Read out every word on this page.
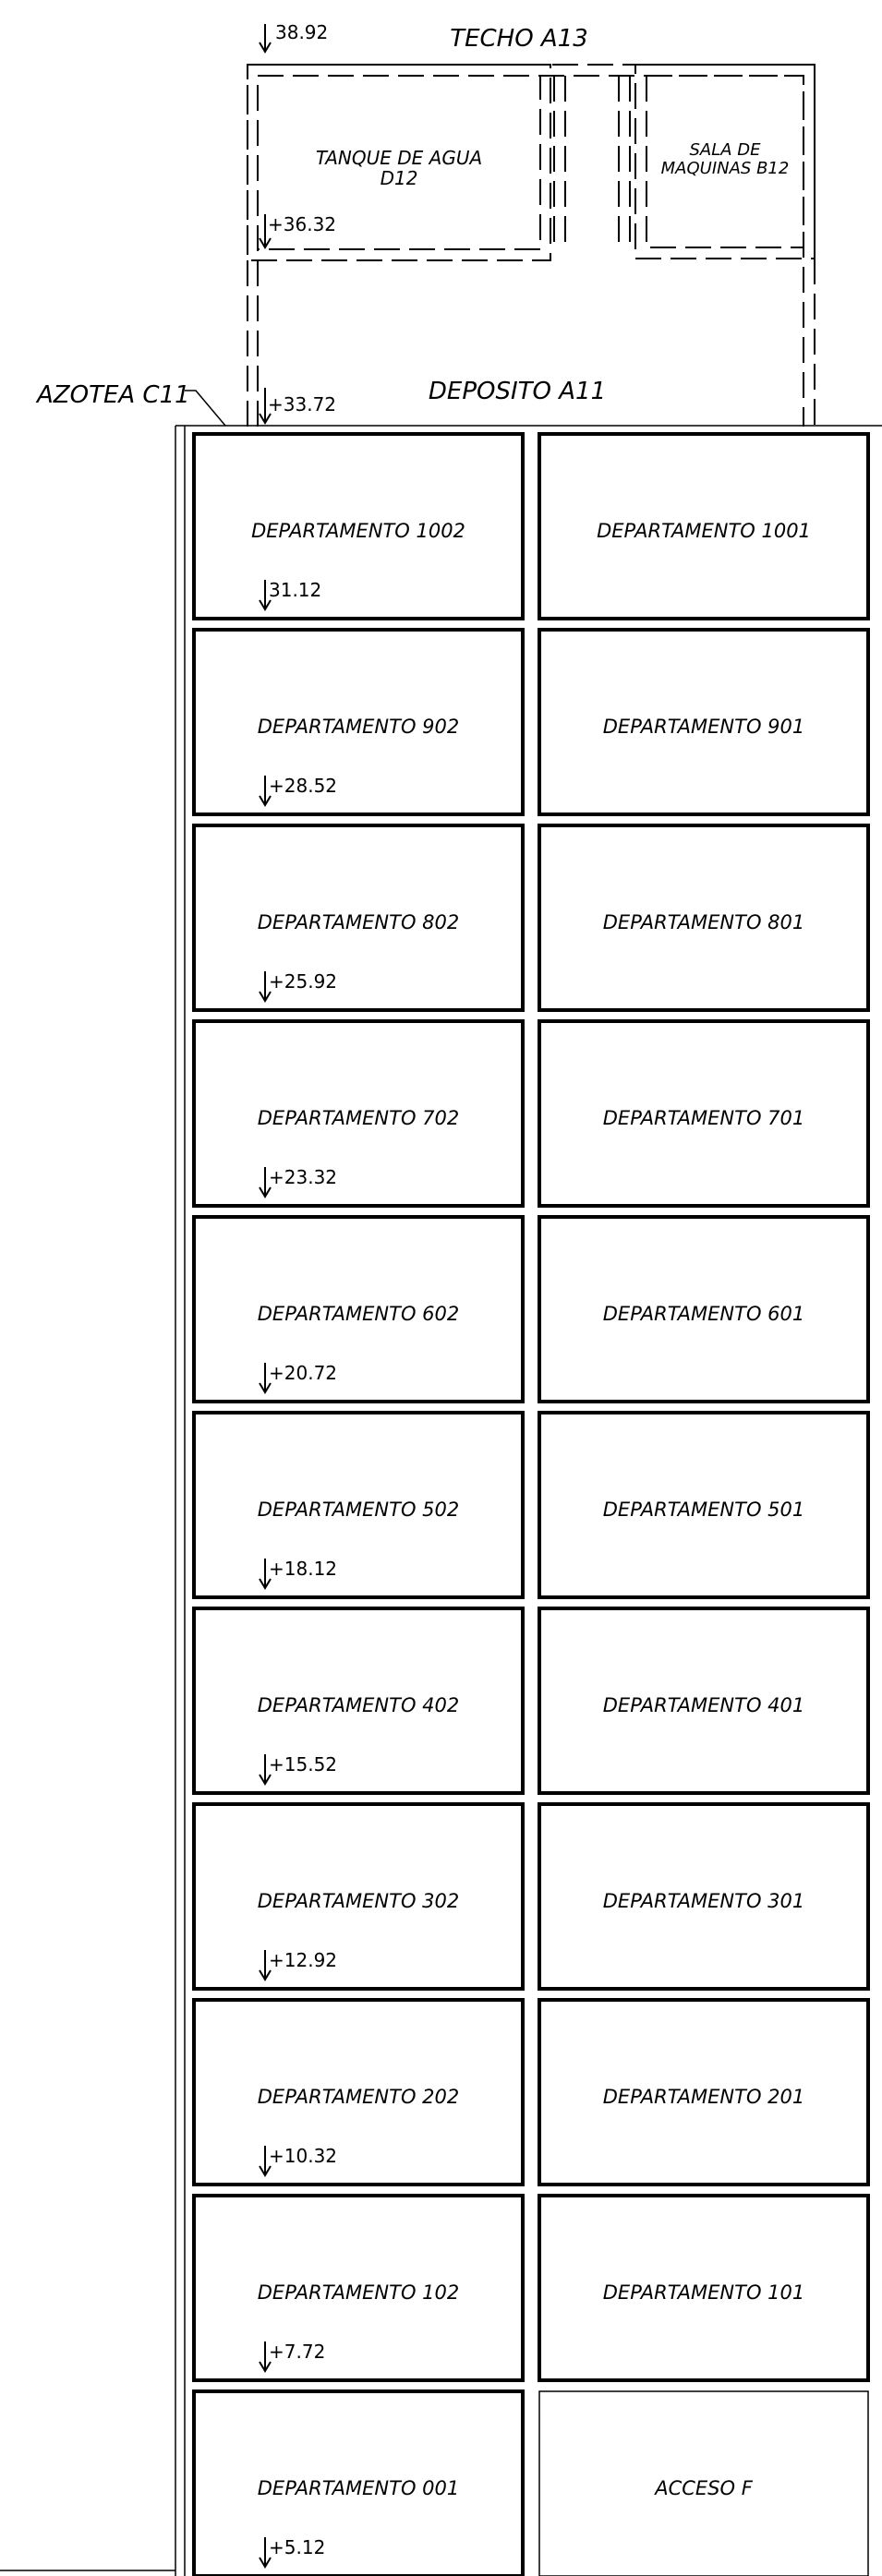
TECHO A13
38.92
TANQUE DE AGUA
D12
+36.32
SALA DE
MAQUINAS B12
DEPOSITO A11
+33.72
AZOTEA C11
DEPARTAMENTO 1002	DEPARTAMENTO 1001
31.12
DEPARTAMENTO 902	DEPARTAMENTO 901
+28.52
DEPARTAMENTO 802	DEPARTAMENTO 801
+25.92
DEPARTAMENTO 702	DEPARTAMENTO 701
+23.32
DEPARTAMENTO 602	DEPARTAMENTO 601
+20.72
DEPARTAMENTO 502	DEPARTAMENTO 501
+18.12
DEPARTAMENTO 402	DEPARTAMENTO 401
+15.52
DEPARTAMENTO 302	DEPARTAMENTO 301
+12.92
DEPARTAMENTO 202	DEPARTAMENTO 201
+10.32
DEPARTAMENTO 102	DEPARTAMENTO 101
+7.72
DEPARTAMENTO 001	ACCESO F
+5.12
